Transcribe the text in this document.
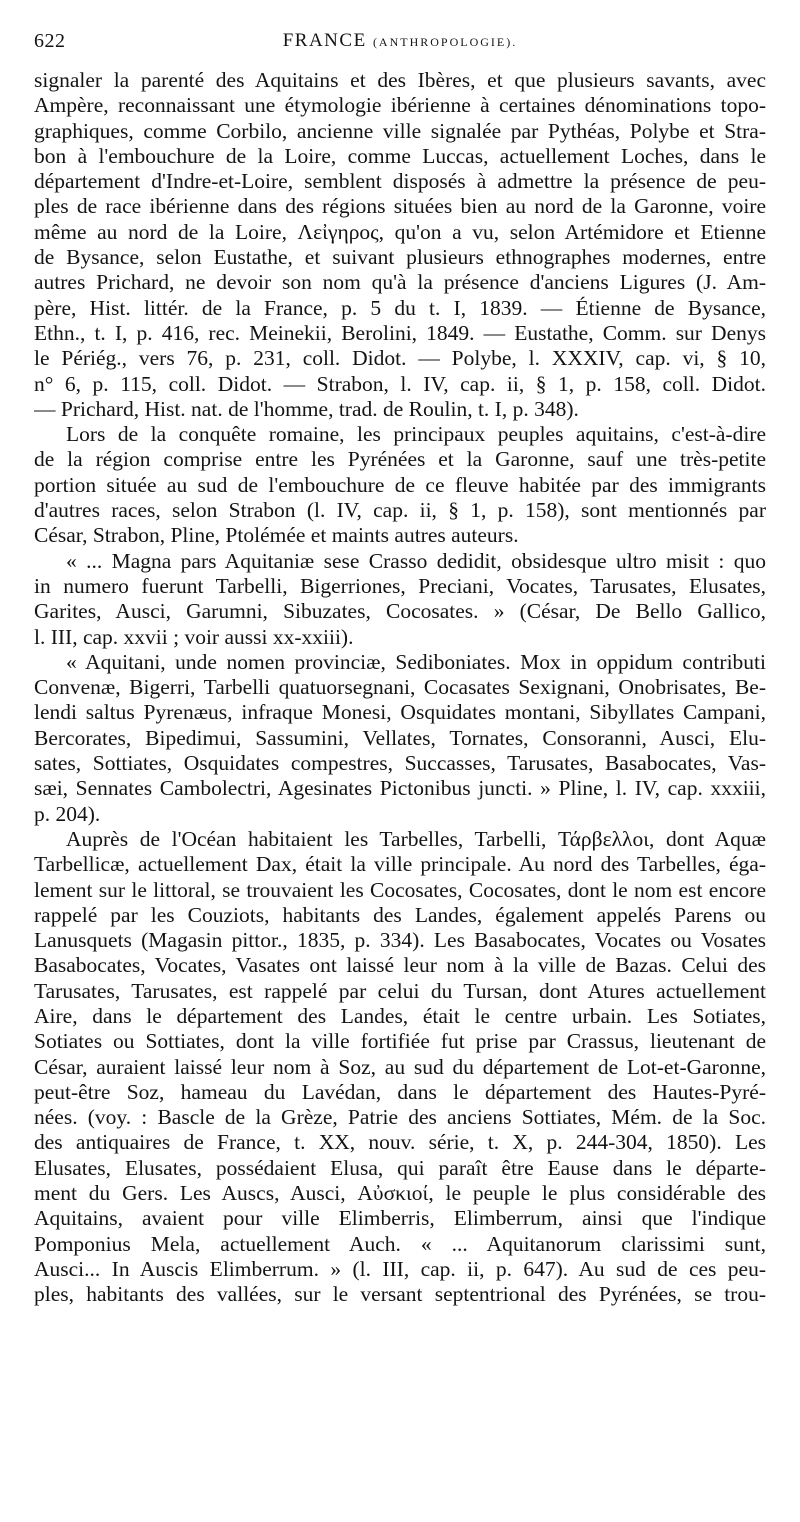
622	FRANCE (ANTHROPOLOGIE).
signaler la parenté des Aquitains et des Ibères, et que plusieurs savants, avec
Ampère, reconnaissant une étymologie ibérienne à certaines dénominations topo-
graphiques, comme Corbilo, ancienne ville signalée par Pythéas, Polybe et Stra-
bon à l'embouchure de la Loire, comme Luccas, actuellement Loches, dans le
département d'Indre-et-Loire, semblent disposés à admettre la présence de peu-
ples de race ibérienne dans des régions situées bien au nord de la Garonne, voire
même au nord de la Loire, Λεἰγηρος, qu'on a vu, selon Artémidore et Etienne
de Bysance, selon Eustathe, et suivant plusieurs ethnographes modernes, entre
autres Prichard, ne devoir son nom qu'à la présence d'anciens Ligures (J. Am-
père, Hist. littér. de la France, p. 5 du t. I, 1839. — Étienne de Bysance,
Ethn., t. I, p. 416, rec. Meinekii, Berolini, 1849. — Eustathe, Comm. sur Denys
le Périég., vers 76, p. 231, coll. Didot. — Polybe, l. XXXIV, cap. vi, § 10,
n° 6, p. 115, coll. Didot. — Strabon, l. IV, cap. ii, § 1, p. 158, coll. Didot.
— Prichard, Hist. nat. de l'homme, trad. de Roulin, t. I, p. 348).
Lors de la conquête romaine, les principaux peuples aquitains, c'est-à-dire
de la région comprise entre les Pyrénées et la Garonne, sauf une très-petite
portion située au sud de l'embouchure de ce fleuve habitée par des immigrants
d'autres races, selon Strabon (l. IV, cap. ii, § 1, p. 158), sont mentionnés par
César, Strabon, Pline, Ptolémée et maints autres auteurs.
« ... Magna pars Aquitaniæ sese Crasso dedidit, obsidesque ultro misit : quo
in numero fuerunt Tarbelli, Bigerriones, Preciani, Vocates, Tarusates, Elusates,
Garites, Ausci, Garumni, Sibuzates, Cocosates. » (César, De Bello Gallico,
l. III, cap. xxvii ; voir aussi xx-xxiii).
« Aquitani, unde nomen provinciæ, Sediboniates. Mox in oppidum contributi
Convenæ, Bigerri, Tarbelli quatuorsegnani, Cocasates Sexignani, Onobrisates, Be-
lendi saltus Pyrenæus, infraque Monesi, Osquidates montani, Sibyllates Campani,
Bercorates, Bipedimui, Sassumini, Vellates, Tornates, Consoranni, Ausci, Elu-
sates, Sottiates, Osquidates compestres, Succasses, Tarusates, Basabocates, Vas-
sæi, Sennates Cambolectri, Agesinates Pictonibus juncti. » Pline, l. IV, cap. xxxiii,
p. 204).
Auprès de l'Océan habitaient les Tarbelles, Tarbelli, Τάρβελλοι, dont Aquæ
Tarbellicæ, actuellement Dax, était la ville principale. Au nord des Tarbelles, éga-
lement sur le littoral, se trouvaient les Cocosates, Cocosates, dont le nom est encore
rappelé par les Couziots, habitants des Landes, également appelés Parens ou
Lanusquets (Magasin pittor., 1835, p. 334). Les Basabocates, Vocates ou Vosates
Basabocates, Vocates, Vasates ont laissé leur nom à la ville de Bazas. Celui des
Tarusates, Tarusates, est rappelé par celui du Tursan, dont Atures actuellement
Aire, dans le département des Landes, était le centre urbain. Les Sotiates,
Sotiates ou Sottiates, dont la ville fortifiée fut prise par Crassus, lieutenant de
César, auraient laissé leur nom à Soz, au sud du département de Lot-et-Garonne,
peut-être Soz, hameau du Lavédan, dans le département des Hautes-Pyré-
nées. (voy. : Bascle de la Grèze, Patrie des anciens Sottiates, Mém. de la Soc.
des antiquaires de France, t. XX, nouv. série, t. X, p. 244-304, 1850). Les
Elusates, Elusates, possédaient Elusa, qui paraît être Eause dans le départe-
ment du Gers. Les Auscs, Ausci, Αὐσκιοί, le peuple le plus considérable des
Aquitains, avaient pour ville Elimberris, Elimberrum, ainsi que l'indique
Pomponius Mela, actuellement Auch. « ... Aquitanorum clarissimi sunt,
Ausci... In Auscis Elimberrum. » (l. III, cap. ii, p. 647). Au sud de ces peu-
ples, habitants des vallées, sur le versant septentrional des Pyrénées, se trou-
